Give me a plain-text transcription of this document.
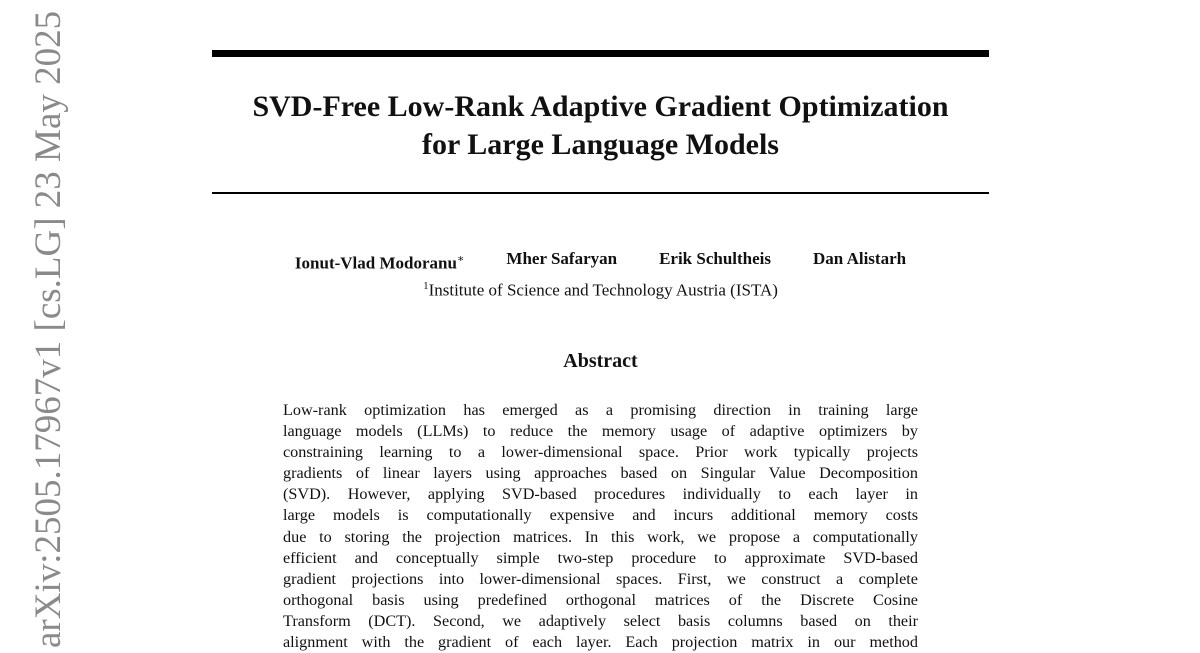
SVD-Free Low-Rank Adaptive Gradient Optimization
for Large Language Models
Ionut-Vlad Modoranu∗ Mher Safaryan Erik Schultheis Dan Alistarh
$^1$Institute of Science and Technology Austria (ISTA)
Abstract
Low-rank optimization has emerged as a promising direction in training large
language models (LLMs) to reduce the memory usage of adaptive optimizers by
constraining learning to a lower-dimensional space. Prior work typically projects
gradients of linear layers using approaches based on Singular Value Decomposition
(SVD). However, applying SVD-based procedures individually to each layer in
large models is computationally expensive and incurs additional memory costs
due to storing the projection matrices. In this work, we propose a computationally
efficient and conceptually simple two-step procedure to approximate SVD-based
gradient projections into lower-dimensional spaces. First, we construct a complete
orthogonal basis using predefined orthogonal matrices of the Discrete Cosine
Transform (DCT). Second, we adaptively select basis columns based on their
alignment with the gradient of each layer. Each projection matrix in our method
arXiv:2505.17967v1 [cs.LG] 23 May 2025
